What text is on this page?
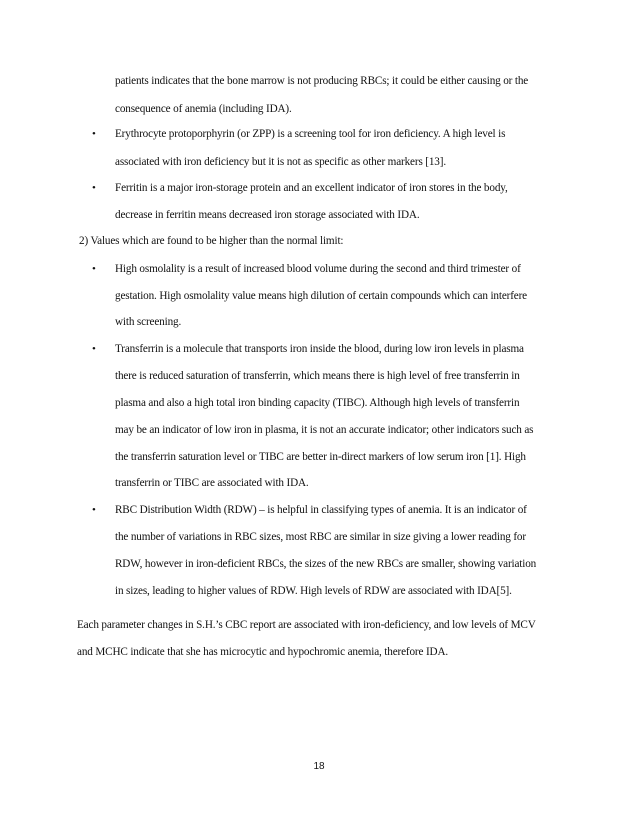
patients indicates that the bone marrow is not producing RBCs; it could be either causing or the
consequence of anemia (including IDA).
• Erythrocyte protoporphyrin (or ZPP) is a screening tool for iron deficiency. A high level is
associated with iron deficiency but it is not as specific as other markers [13].
• Ferritin is a major iron-storage protein and an excellent indicator of iron stores in the body,
decrease in ferritin means decreased iron storage associated with IDA.
2) Values which are found to be higher than the normal limit:
• High osmolality is a result of increased blood volume during the second and third trimester of
gestation. High osmolality value means high dilution of certain compounds which can interfere
with screening.
• Transferrin is a molecule that transports iron inside the blood, during low iron levels in plasma
there is reduced saturation of transferrin, which means there is high level of free transferrin in
plasma and also a high total iron binding capacity (TIBC). Although high levels of transferrin
may be an indicator of low iron in plasma, it is not an accurate indicator; other indicators such as
the transferrin saturation level or TIBC are better in-direct markers of low serum iron [1]. High
transferrin or TIBC are associated with IDA.
• RBC Distribution Width (RDW) – is helpful in classifying types of anemia. It is an indicator of
the number of variations in RBC sizes, most RBC are similar in size giving a lower reading for
RDW, however in iron-deficient RBCs, the sizes of the new RBCs are smaller, showing variation
in sizes, leading to higher values of RDW. High levels of RDW are associated with IDA[5].
Each parameter changes in S.H.’s CBC report are associated with iron-deficiency, and low levels of MCV
and MCHC indicate that she has microcytic and hypochromic anemia, therefore IDA.
18
